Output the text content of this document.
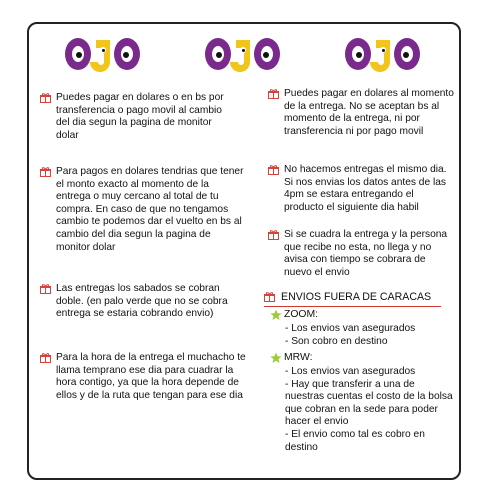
Puedes pagar en dolares o en bs por transferencia o pago movil al cambio del dia segun la pagina de monitor dolar
Para pagos en dolares tendrias que tener el monto exacto al momento de la entrega o muy cercano al total de tu compra. En caso de que no tengamos cambio te podemos dar el vuelto en bs al cambio del dia segun la pagina de monitor dolar
Las entregas los sabados se cobran doble. (en palo verde que no se cobra entrega se estaria cobrando envio)
Para la hora de la entrega el muchacho te llama temprano ese dia para cuadrar la hora contigo, ya que la hora depende de ellos y de la ruta que tengan para ese dia
Puedes pagar en dolares al momento de la entrega. No se aceptan bs al momento de la entrega, ni por transferencia ni por pago movil
No hacemos entregas el mismo dia. Si nos envias los datos antes de las 4pm se estara entregando el producto el siguiente dia habil
Si se cuadra la entrega y la persona que recibe no esta, no llega y no avisa con tiempo se cobrara de nuevo el envio
ENVIOS FUERA DE CARACAS
ZOOM:
- Los envios van asegurados
- Son cobro en destino
MRW:
- Los envios van asegurados
- Hay que transferir a una de nuestras cuentas el costo de la bolsa que cobran en la sede para poder hacer el envio
- El envio como tal es cobro en destino
